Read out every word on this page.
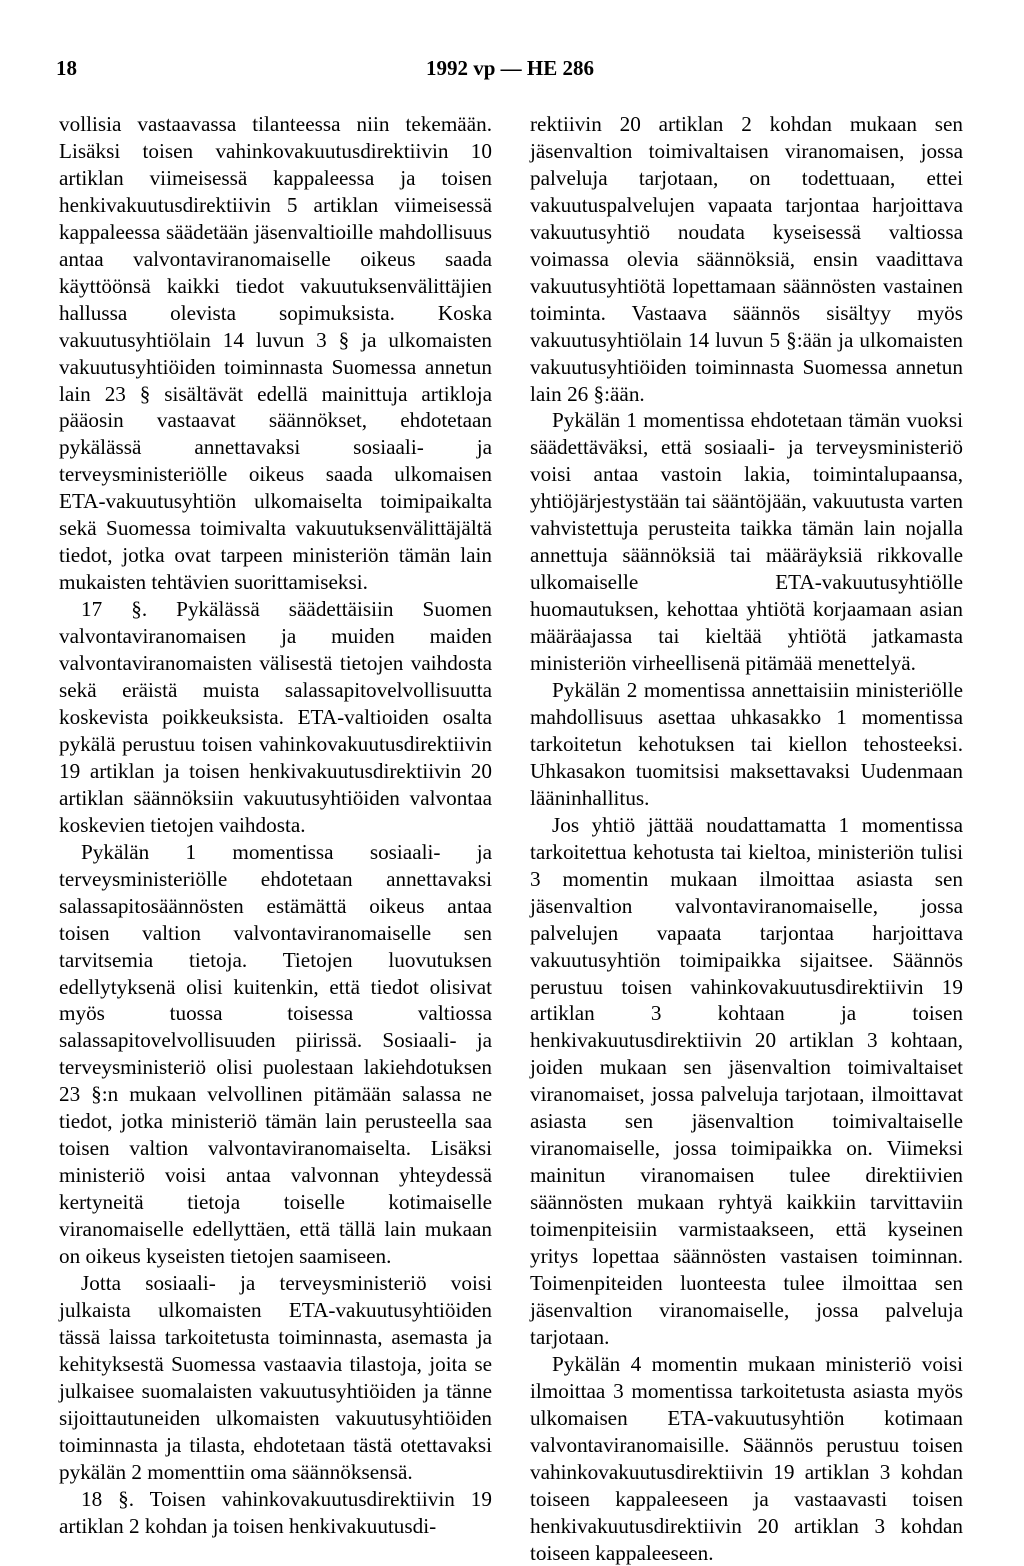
18	1992 vp — HE 286

vollisia vastaavassa tilanteessa niin tekemään. Lisäksi toisen vahinkovakuutusdirektiivin 10 artiklan viimeisessä kappaleessa ja toisen henkivakuutusdirektiivin 5 artiklan viimeisessä kappaleessa säädetään jäsenvaltioille mahdollisuus antaa valvontaviranomaiselle oikeus saada käyttöönsä kaikki tiedot vakuutuksenvälittäjien hallussa olevista sopimuksista. Koska vakuutusyhtiölain 14 luvun 3 § ja ulkomaisten vakuutusyhtiöiden toiminnasta Suomessa annetun lain 23 § sisältävät edellä mainittuja artikloja pääosin vastaavat säännökset, ehdotetaan pykälässä annettavaksi sosiaali- ja terveysministeriölle oikeus saada ulkomaisen ETA-vakuutusyhtiön ulkomaiselta toimipaikalta sekä Suomessa toimivalta vakuutuksenvälittäjältä tiedot, jotka ovat tarpeen ministeriön tämän lain mukaisten tehtävien suorittamiseksi.

17 §. Pykälässä säädettäisiin Suomen valvontaviranomaisen ja muiden maiden valvontaviranomaisten välisestä tietojen vaihdosta sekä eräistä muista salassapitovelvollisuutta koskevista poikkeuksista. ETA-valtioiden osalta pykälä perustuu toisen vahinkovakuutusdirektiivin 19 artiklan ja toisen henkivakuutusdirektiivin 20 artiklan säännöksiin vakuutusyhtiöiden valvontaa koskevien tietojen vaihdosta.

Pykälän 1 momentissa sosiaali- ja terveysministeriölle ehdotetaan annettavaksi salassapitosäännösten estämättä oikeus antaa toisen valtion valvontaviranomaiselle sen tarvitsemia tietoja. Tietojen luovutuksen edellytyksenä olisi kuitenkin, että tiedot olisivat myös tuossa toisessa valtiossa salassapitovelvollisuuden piirissä. Sosiaali- ja terveysministeriö olisi puolestaan lakiehdotuksen 23 §:n mukaan velvollinen pitämään salassa ne tiedot, jotka ministeriö tämän lain perusteella saa toisen valtion valvontaviranomaiselta. Lisäksi ministeriö voisi antaa valvonnan yhteydessä kertyneitä tietoja toiselle kotimaiselle viranomaiselle edellyttäen, että tällä lain mukaan on oikeus kyseisten tietojen saamiseen.

Jotta sosiaali- ja terveysministeriö voisi julkaista ulkomaisten ETA-vakuutusyhtiöiden tässä laissa tarkoitetusta toiminnasta, asemasta ja kehityksestä Suomessa vastaavia tilastoja, joita se julkaisee suomalaisten vakuutusyhtiöiden ja tänne sijoittautuneiden ulkomaisten vakuutusyhtiöiden toiminnasta ja tilasta, ehdotetaan tästä otettavaksi pykälän 2 momenttiin oma säännöksensä.

18 §. Toisen vahinkovakuutusdirektiivin 19 artiklan 2 kohdan ja toisen henkivakuutusdi-

rektiivin 20 artiklan 2 kohdan mukaan sen jäsenvaltion toimivaltaisen viranomaisen, jossa palveluja tarjotaan, on todettuaan, ettei vakuutuspalvelujen vapaata tarjontaa harjoittava vakuutusyhtiö noudata kyseisessä valtiossa voimassa olevia säännöksiä, ensin vaadittava vakuutusyhtiötä lopettamaan säännösten vastainen toiminta. Vastaava säännös sisältyy myös vakuutusyhtiölain 14 luvun 5 §:ään ja ulkomaisten vakuutusyhtiöiden toiminnasta Suomessa annetun lain 26 §:ään.

Pykälän 1 momentissa ehdotetaan tämän vuoksi säädettäväksi, että sosiaali- ja terveysministeriö voisi antaa vastoin lakia, toimintalupaansa, yhtiöjärjestystään tai sääntöjään, vakuutusta varten vahvistettuja perusteita taikka tämän lain nojalla annettuja säännöksiä tai määräyksiä rikkovalle ulkomaiselle ETA-vakuutusyhtiölle huomautuksen, kehottaa yhtiötä korjaamaan asian määräajassa tai kieltää yhtiötä jatkamasta ministeriön virheellisenä pitämää menettelyä.

Pykälän 2 momentissa annettaisiin ministeriölle mahdollisuus asettaa uhkasakko 1 momentissa tarkoitetun kehotuksen tai kiellon tehosteeksi. Uhkasakon tuomitsisi maksettavaksi Uudenmaan lääninhallitus.

Jos yhtiö jättää noudattamatta 1 momentissa tarkoitettua kehotusta tai kieltoa, ministeriön tulisi 3 momentin mukaan ilmoittaa asiasta sen jäsenvaltion valvontaviranomaiselle, jossa palvelujen vapaata tarjontaa harjoittava vakuutusyhtiön toimipaikka sijaitsee. Säännös perustuu toisen vahinkovakuutusdirektiivin 19 artiklan 3 kohtaan ja toisen henkivakuutusdirektiivin 20 artiklan 3 kohtaan, joiden mukaan sen jäsenvaltion toimivaltaiset viranomaiset, jossa palveluja tarjotaan, ilmoittavat asiasta sen jäsenvaltion toimivaltaiselle viranomaiselle, jossa toimipaikka on. Viimeksi mainitun viranomaisen tulee direktiivien säännösten mukaan ryhtyä kaikkiin tarvittaviin toimenpiteisiin varmistaakseen, että kyseinen yritys lopettaa säännösten vastaisen toiminnan. Toimenpiteiden luonteesta tulee ilmoittaa sen jäsenvaltion viranomaiselle, jossa palveluja tarjotaan.

Pykälän 4 momentin mukaan ministeriö voisi ilmoittaa 3 momentissa tarkoitetusta asiasta myös ulkomaisen ETA-vakuutusyhtiön kotimaan valvontaviranomaisille. Säännös perustuu toisen vahinkovakuutusdirektiivin 19 artiklan 3 kohdan toiseen kappaleeseen ja vastaavasti toisen henkivakuutusdirektiivin 20 artiklan 3 kohdan toiseen kappaleeseen.
